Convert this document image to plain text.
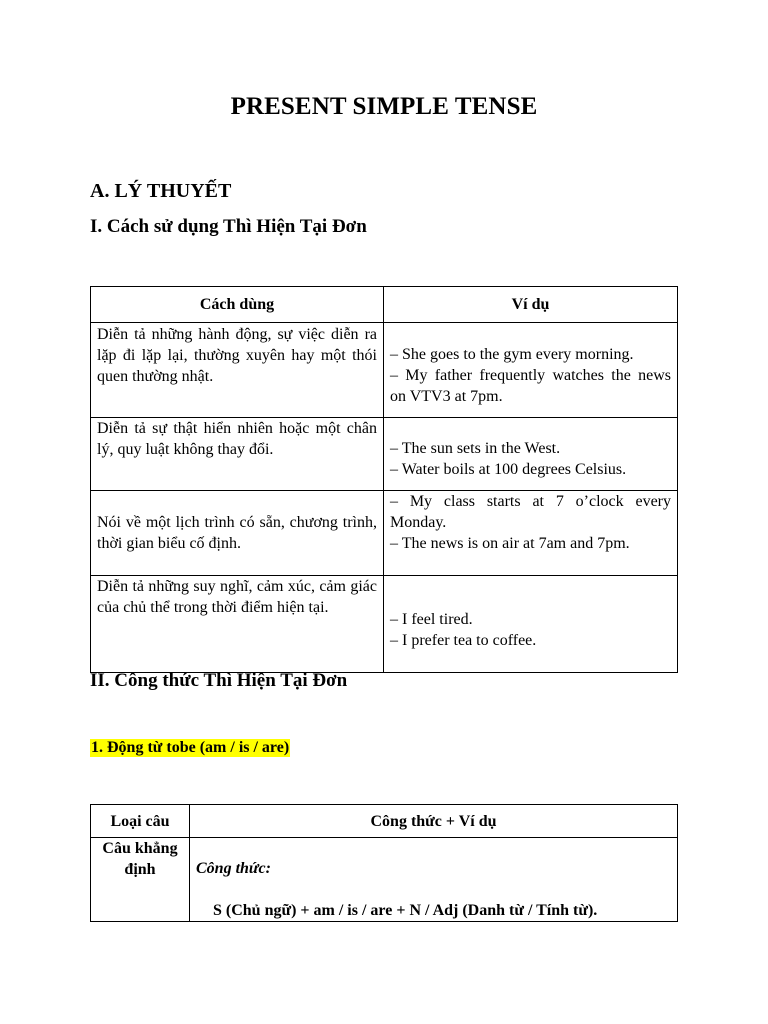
PRESENT SIMPLE TENSE
A. LÝ THUYẾT
I. Cách sử dụng Thì Hiện Tại Đơn
Cách dùng	Ví dụ
Diễn tả những hành động, sự việc diễn ra lặp đi lặp lại, thường xuyên hay một thói quen thường nhật.	– She goes to the gym every morning.
– My father frequently watches the news on VTV3 at 7pm.

Diễn tả sự thật hiển nhiên hoặc một chân lý, quy luật không thay đổi.	– The sun sets in the West.
– Water boils at 100 degrees Celsius.

Nói về một lịch trình có sẵn, chương trình, thời gian biểu cố định.	– My class starts at 7 o’clock every Monday.
– The news is on air at 7am and 7pm.

Diễn tả những suy nghĩ, cảm xúc, cảm giác của chủ thể trong thời điểm hiện tại.	– I feel tired.
– I prefer tea to coffee.
II. Công thức Thì Hiện Tại Đơn
1. Động từ tobe (am / is / are)
Loại câu	Công thức + Ví dụ
Câu khẳng định	Công thức:
S (Chủ ngữ) + am / is / are + N / Adj (Danh từ / Tính từ).
